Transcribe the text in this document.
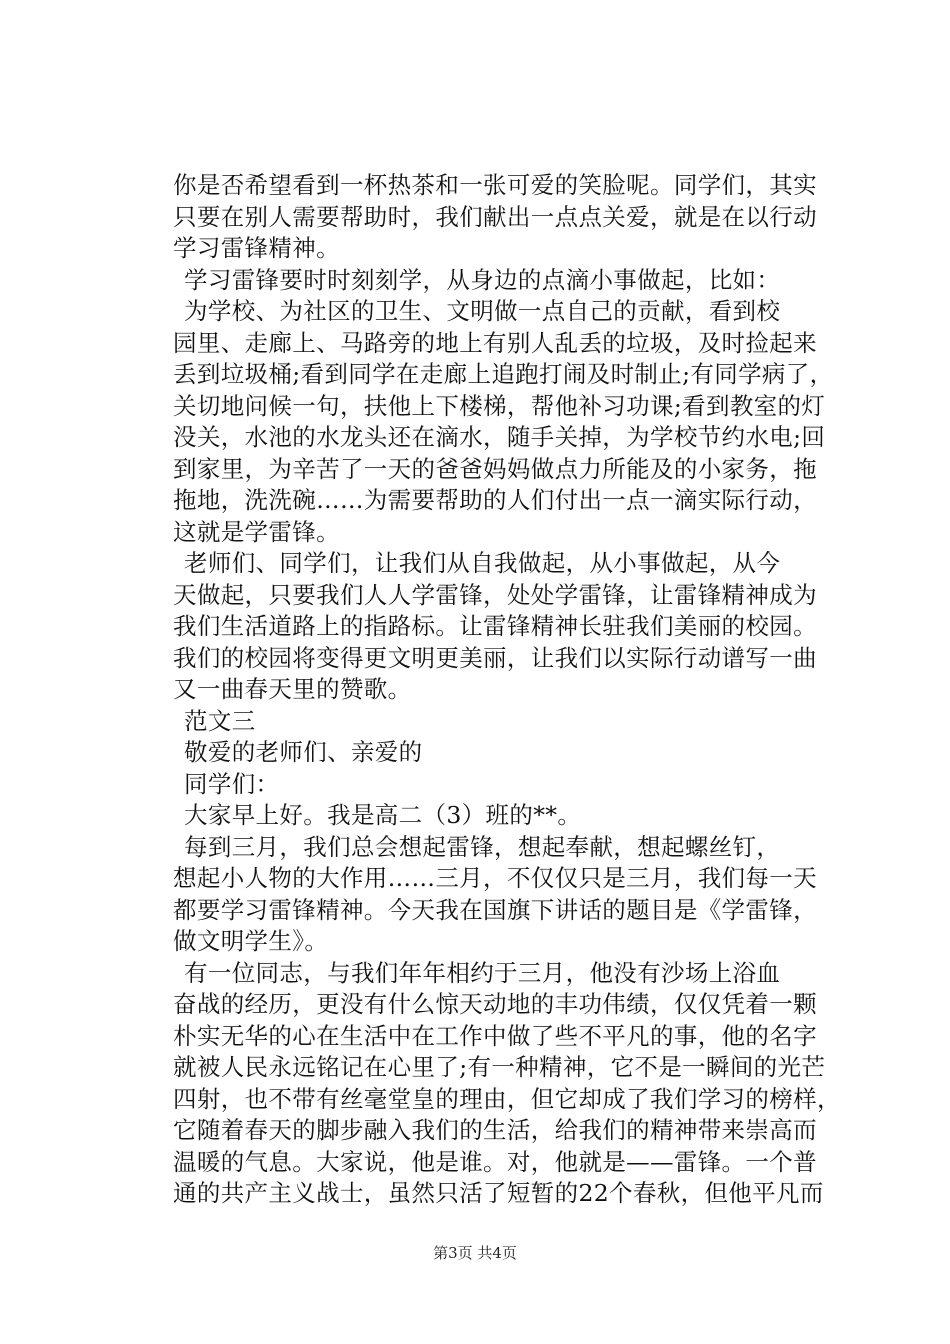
你是否希望看到一杯热茶和一张可爱的笑脸呢。同学们，其实
只要在别人需要帮助时，我们献出一点点关爱，就是在以行动
学习雷锋精神。
学习雷锋要时时刻刻学，从身边的点滴小事做起，比如：
为学校、为社区的卫生、文明做一点自己的贡献，看到校
园里、走廊上、马路旁的地上有别人乱丢的垃圾，及时捡起来
丢到垃圾桶;看到同学在走廊上追跑打闹及时制止;有同学病了，
关切地问候一句，扶他上下楼梯，帮他补习功课;看到教室的灯
没关，水池的水龙头还在滴水，随手关掉，为学校节约水电;回
到家里，为辛苦了一天的爸爸妈妈做点力所能及的小家务，拖
拖地，洗洗碗……为需要帮助的人们付出一点一滴实际行动，
这就是学雷锋。
老师们、同学们，让我们从自我做起，从小事做起，从今
天做起，只要我们人人学雷锋，处处学雷锋，让雷锋精神成为
我们生活道路上的指路标。让雷锋精神长驻我们美丽的校园。
我们的校园将变得更文明更美丽，让我们以实际行动谱写一曲
又一曲春天里的赞歌。
范文三
敬爱的老师们、亲爱的
同学们：
大家早上好。我是高二（3）班的**。
每到三月，我们总会想起雷锋，想起奉献，想起螺丝钉，
想起小人物的大作用……三月，不仅仅只是三月，我们每一天
都要学习雷锋精神。今天我在国旗下讲话的题目是《学雷锋，
做文明学生》。
有一位同志，与我们年年相约于三月，他没有沙场上浴血
奋战的经历，更没有什么惊天动地的丰功伟绩，仅仅凭着一颗
朴实无华的心在生活中在工作中做了些不平凡的事，他的名字
就被人民永远铭记在心里了;有一种精神，它不是一瞬间的光芒
四射，也不带有丝毫堂皇的理由，但它却成了我们学习的榜样，
它随着春天的脚步融入我们的生活，给我们的精神带来崇高而
温暖的气息。大家说，他是谁。对，他就是——雷锋。一个普
通的共产主义战士，虽然只活了短暂的22个春秋，但他平凡而
第3页 共4页
